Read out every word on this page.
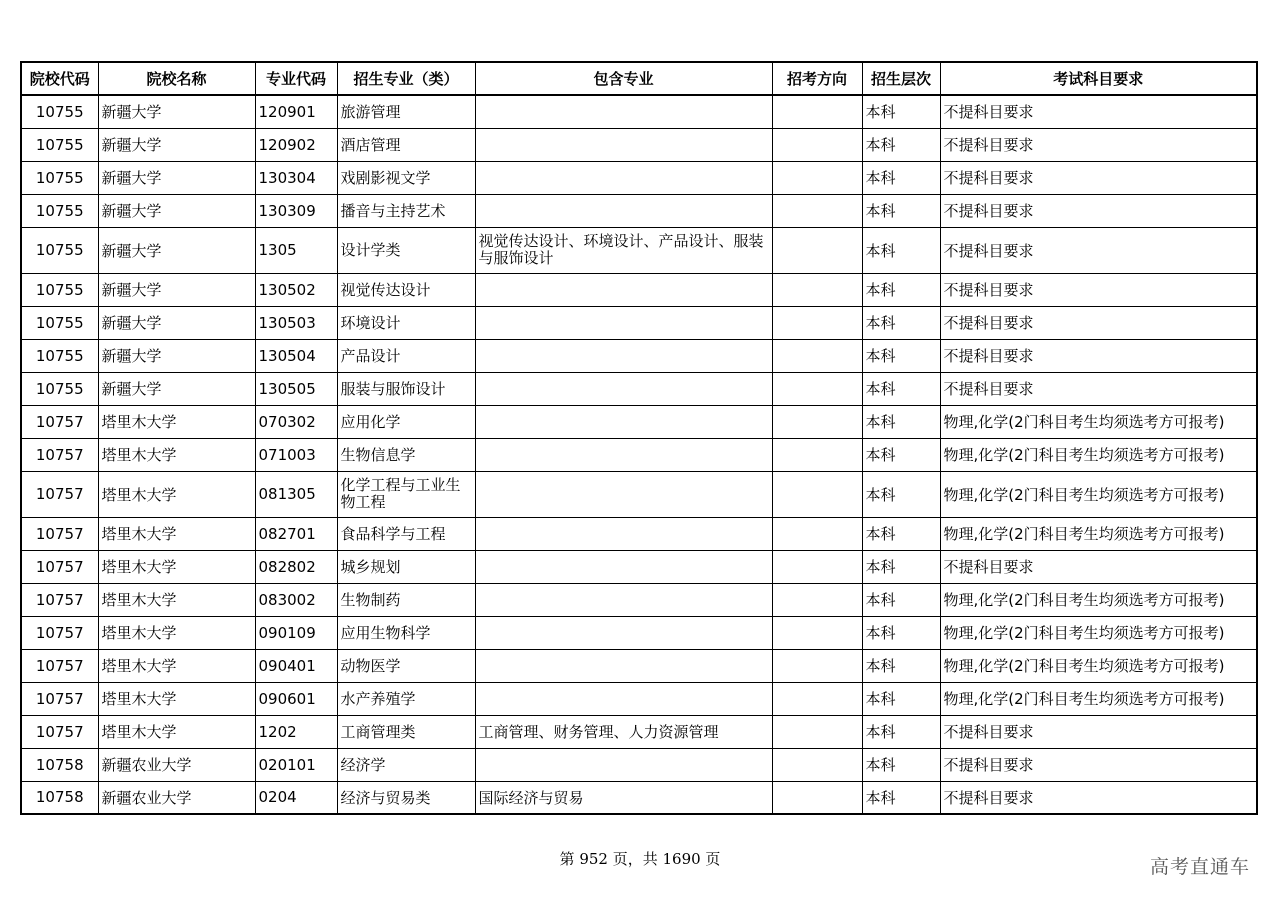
院校代码	院校名称	专业代码	招生专业（类）	包含专业	招考方向	招生层次	考试科目要求
10755	新疆大学	120901	旅游管理			本科	不提科目要求
10755	新疆大学	120902	酒店管理			本科	不提科目要求
10755	新疆大学	130304	戏剧影视文学			本科	不提科目要求
10755	新疆大学	130309	播音与主持艺术			本科	不提科目要求
10755	新疆大学	1305	设计学类	视觉传达设计、环境设计、产品设计、服装与服饰设计		本科	不提科目要求
10755	新疆大学	130502	视觉传达设计			本科	不提科目要求
10755	新疆大学	130503	环境设计			本科	不提科目要求
10755	新疆大学	130504	产品设计			本科	不提科目要求
10755	新疆大学	130505	服装与服饰设计			本科	不提科目要求
10757	塔里木大学	070302	应用化学			本科	物理,化学(2门科目考生均须选考方可报考)
10757	塔里木大学	071003	生物信息学			本科	物理,化学(2门科目考生均须选考方可报考)
10757	塔里木大学	081305	化学工程与工业生物工程			本科	物理,化学(2门科目考生均须选考方可报考)
10757	塔里木大学	082701	食品科学与工程			本科	物理,化学(2门科目考生均须选考方可报考)
10757	塔里木大学	082802	城乡规划			本科	不提科目要求
10757	塔里木大学	083002	生物制药			本科	物理,化学(2门科目考生均须选考方可报考)
10757	塔里木大学	090109	应用生物科学			本科	物理,化学(2门科目考生均须选考方可报考)
10757	塔里木大学	090401	动物医学			本科	物理,化学(2门科目考生均须选考方可报考)
10757	塔里木大学	090601	水产养殖学			本科	物理,化学(2门科目考生均须选考方可报考)
10757	塔里木大学	1202	工商管理类	工商管理、财务管理、人力资源管理		本科	不提科目要求
10758	新疆农业大学	020101	经济学			本科	不提科目要求
10758	新疆农业大学	0204	经济与贸易类	国际经济与贸易		本科	不提科目要求
第 952 页，共 1690 页	高考直通车
